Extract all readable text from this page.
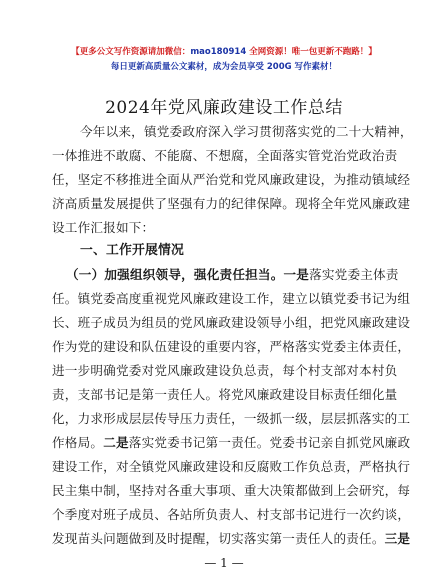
【更多公文写作资源请加微信：mao180914 全网资源！唯一包更新不跑路！】
每日更新高质量公文素材，成为会员享受 200G 写作素材！
2024年党风廉政建设工作总结
今年以来，镇党委政府深入学习贯彻落实党的二十大精神，
一体推进不敢腐、不能腐、不想腐，全面落实管党治党政治责
任，坚定不移推进全面从严治党和党风廉政建设，为推动镇域经
济高质量发展提供了坚强有力的纪律保障。现将全年党风廉政建
设工作汇报如下：
一、工作开展情况
（一）加强组织领导，强化责任担当。一是落实党委主体责
任。镇党委高度重视党风廉政建设工作，建立以镇党委书记为组
长、班子成员为组员的党风廉政建设领导小组，把党风廉政建设
作为党的建设和队伍建设的重要内容，严格落实党委主体责任，
进一步明确党委对党风廉政建设负总责，每个村支部对本村负
责，支部书记是第一责任人。将党风廉政建设目标责任细化量
化，力求形成层层传导压力责任，一级抓一级，层层抓落实的工
作格局。二是落实党委书记第一责任。党委书记亲自抓党风廉政
建设工作，对全镇党风廉政建设和反腐败工作负总责，严格执行
民主集中制，坚持对各重大事项、重大决策都做到上会研究，每
个季度对班子成员、各站所负责人、村支部书记进行一次约谈，
发现苗头问题做到及时提醒，切实落实第一责任人的责任。三是
— 1 —
